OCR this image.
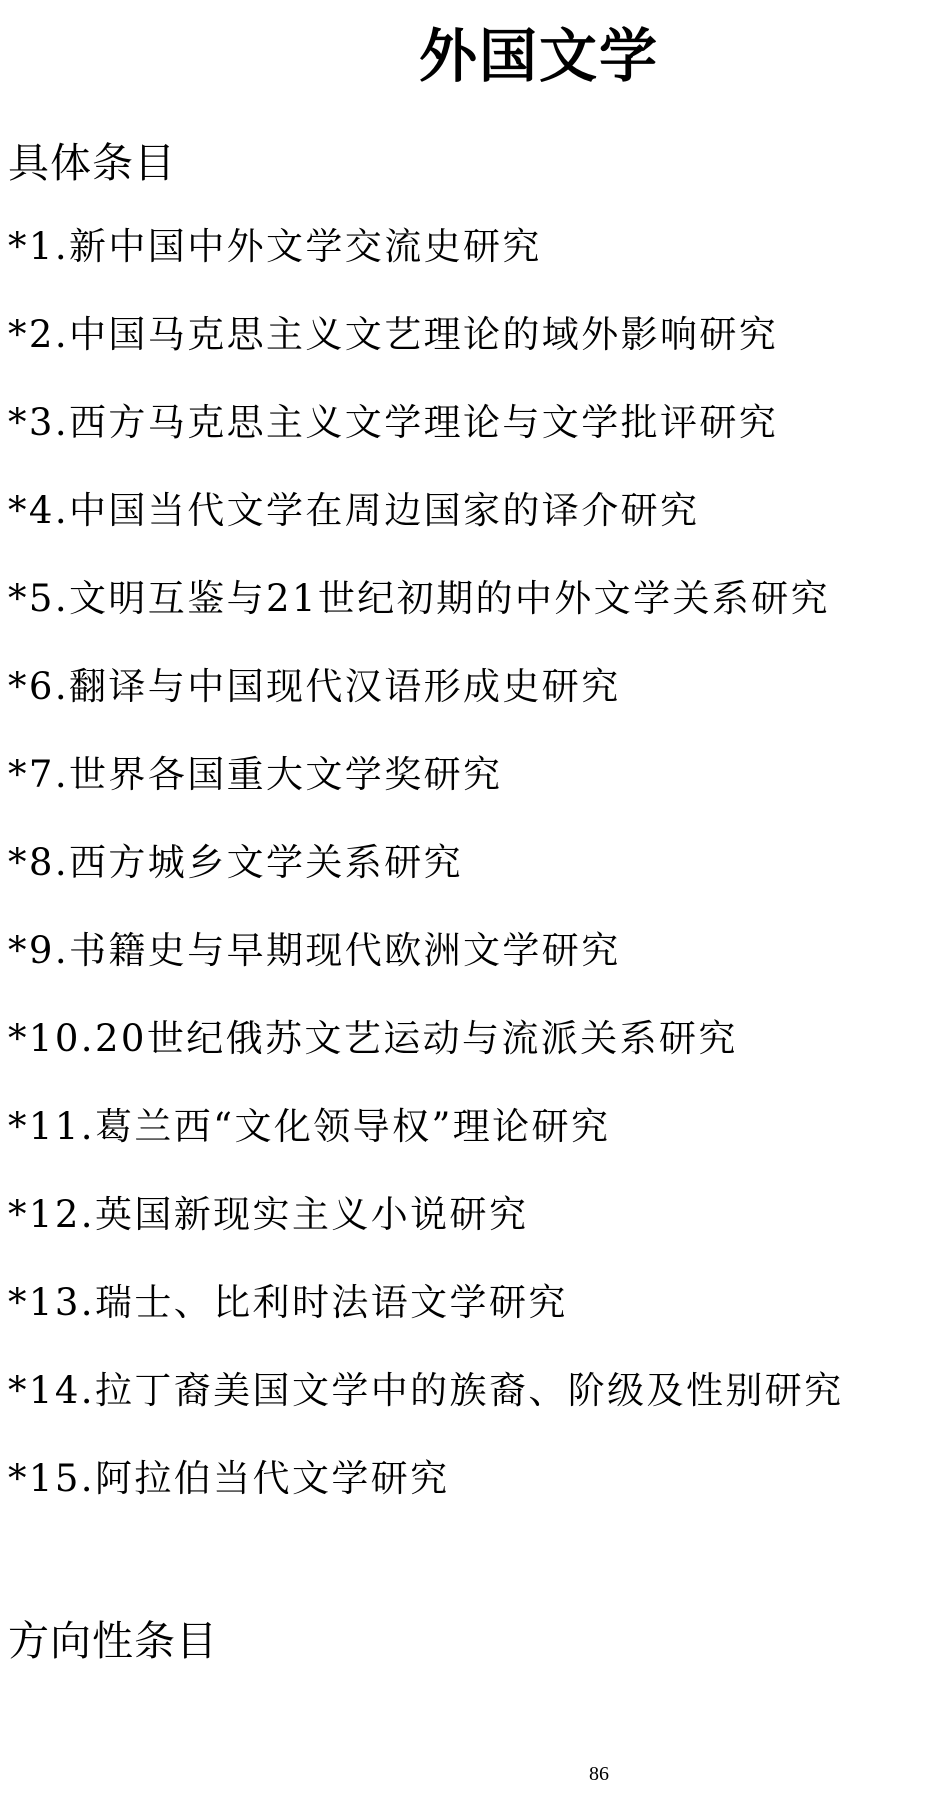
外国文学
具体条目
*1.新中国中外文学交流史研究
*2.中国马克思主义文艺理论的域外影响研究
*3.西方马克思主义文学理论与文学批评研究
*4.中国当代文学在周边国家的译介研究
*5.文明互鉴与21世纪初期的中外文学关系研究
*6.翻译与中国现代汉语形成史研究
*7.世界各国重大文学奖研究
*8.西方城乡文学关系研究
*9.书籍史与早期现代欧洲文学研究
*10.20世纪俄苏文艺运动与流派关系研究
*11.葛兰西“文化领导权”理论研究
*12.英国新现实主义小说研究
*13.瑞士、比利时法语文学研究
*14.拉丁裔美国文学中的族裔、阶级及性别研究
*15.阿拉伯当代文学研究
方向性条目
86
